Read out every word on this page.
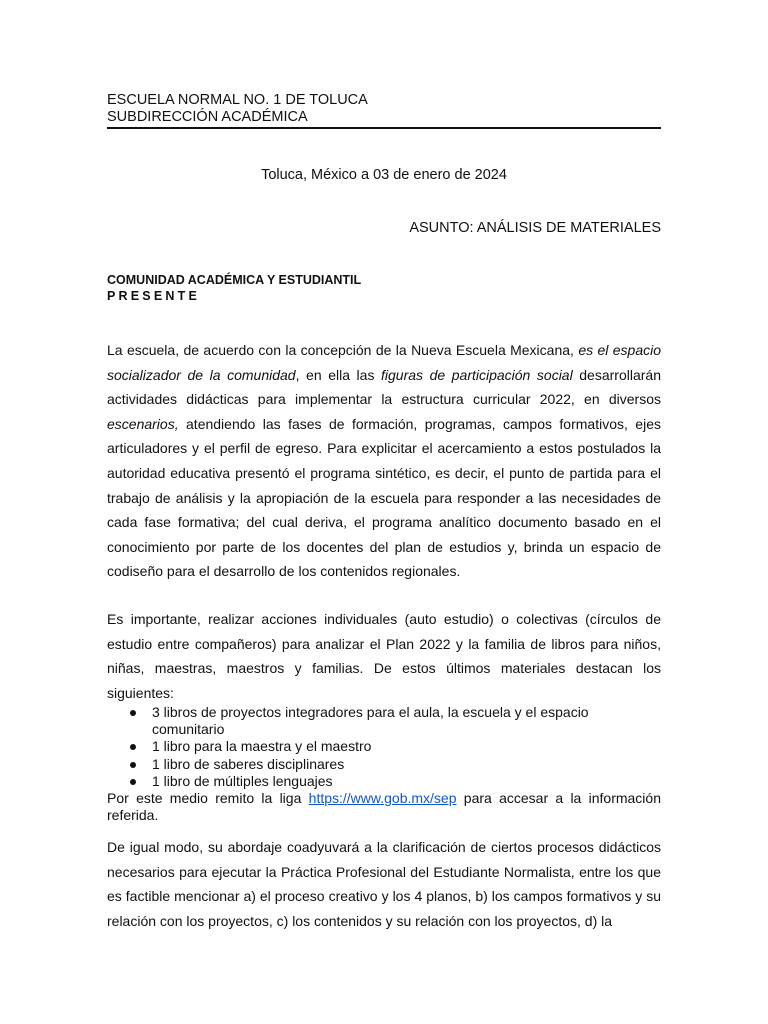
ESCUELA NORMAL NO. 1 DE TOLUCA
SUBDIRECCIÓN ACADÉMICA
Toluca, México a 03 de enero de 2024
ASUNTO: ANÁLISIS DE MATERIALES
COMUNIDAD ACADÉMICA Y ESTUDIANTIL
PRESENTE

La escuela, de acuerdo con la concepción de la Nueva Escuela Mexicana, es el espacio socializador de la comunidad, en ella las figuras de participación social desarrollarán actividades didácticas para implementar la estructura curricular 2022, en diversos escenarios, atendiendo las fases de formación, programas, campos formativos, ejes articuladores y el perfil de egreso. Para explicitar el acercamiento a estos postulados la autoridad educativa presentó el programa sintético, es decir, el punto de partida para el trabajo de análisis y la apropiación de la escuela para responder a las necesidades de cada fase formativa; del cual deriva, el programa analítico documento basado en el conocimiento por parte de los docentes del plan de estudios y, brinda un espacio de codiseño para el desarrollo de los contenidos regionales.

Es importante, realizar acciones individuales (auto estudio) o colectivas (círculos de estudio entre compañeros) para analizar el Plan 2022 y la familia de libros para niños, niñas, maestras, maestros y familias. De estos últimos materiales destacan los siguientes:

3 libros de proyectos integradores para el aula, la escuela y el espacio comunitario
1 libro para la maestra y el maestro
1 libro de saberes disciplinares
1 libro de múltiples lenguajes

Por este medio remito la liga https://www.gob.mx/sep para accesar a la información referida.

De igual modo, su abordaje coadyuvará a la clarificación de ciertos procesos didácticos necesarios para ejecutar la Práctica Profesional del Estudiante Normalista, entre los que es factible mencionar a) el proceso creativo y los 4 planos, b) los campos formativos y su relación con los proyectos, c) los contenidos y su relación con los proyectos, d) la
